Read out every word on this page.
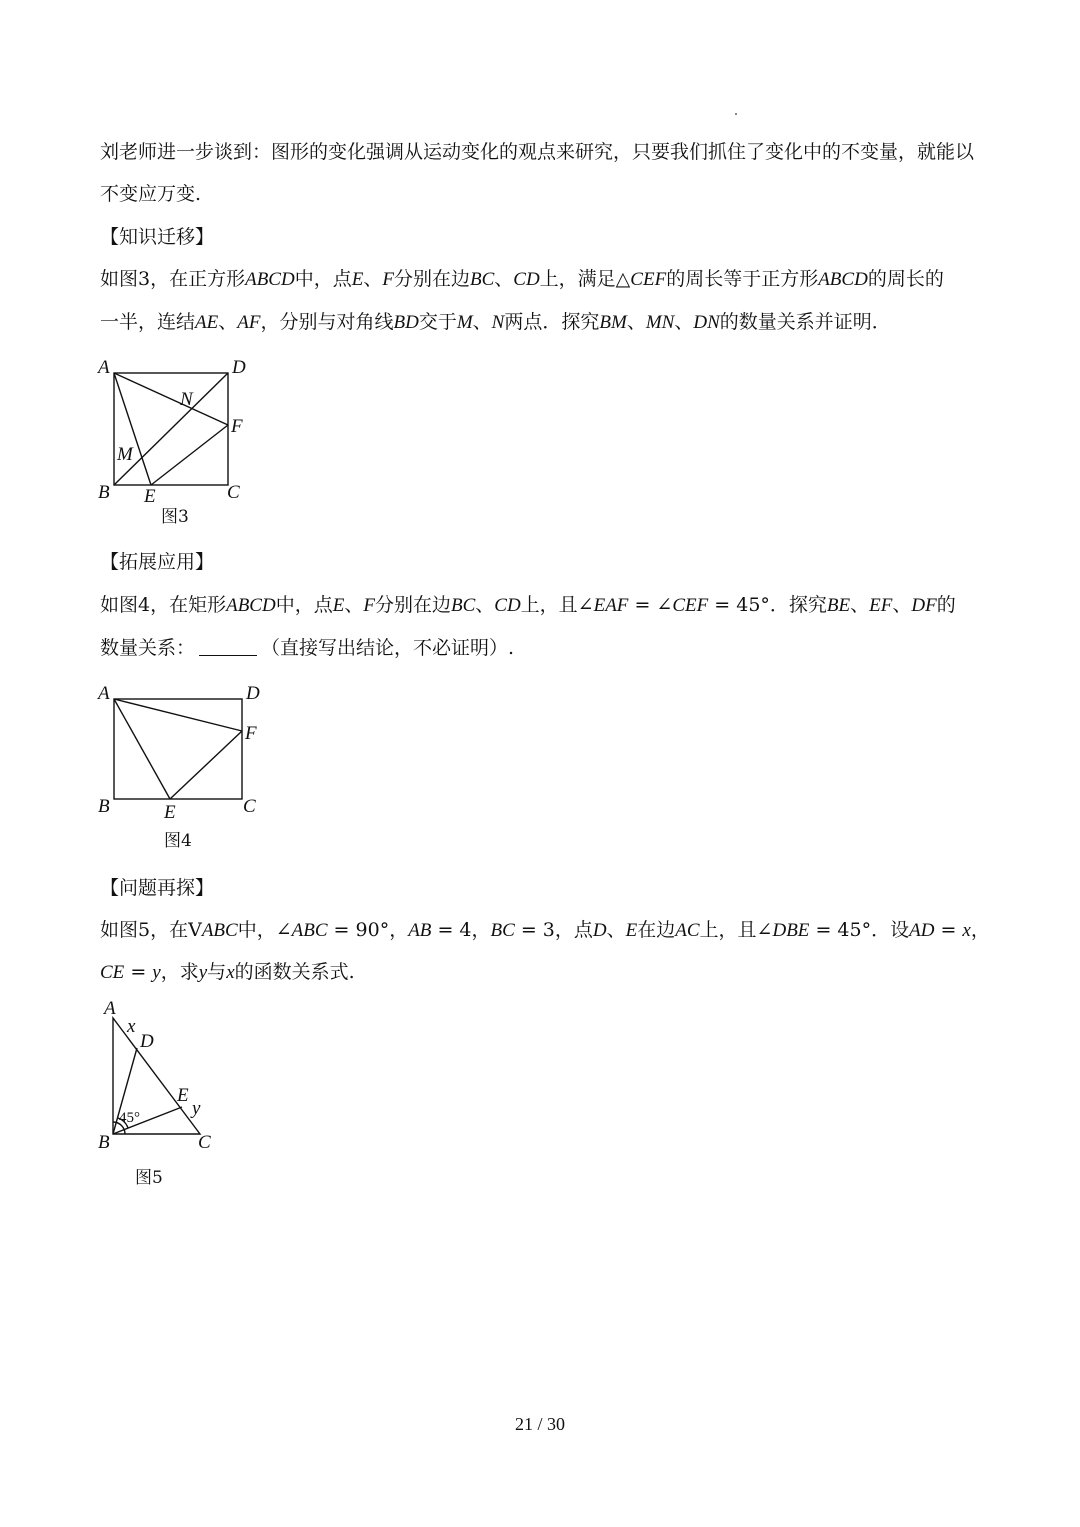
刘老师进一步谈到：图形的变化强调从运动变化的观点来研究，只要我们抓住了变化中的不变量，就能以
不变应万变.
【知识迁移】
如图3，在正方形ABCD中，点E、F分别在边BC、CD上，满足△CEF的周长等于正方形ABCD的周长的
一半，连结AE、AF，分别与对角线BD交于M、N两点．探究BM、MN、DN的数量关系并证明．
A	D
B	C
E
F
M
N
图3
【拓展应用】
如图4，在矩形ABCD中，点E、F分别在边BC、CD上，且∠EAF = ∠CEF = 45°．探究BE、EF、DF的
数量关系：	（直接写出结论，不必证明）.
A	D
B	C
E
F
图4
【问题再探】
如图5，在VABC中，∠ABC = 90°，AB = 4，BC = 3，点D、E在边AC上，且∠DBE = 45°．设AD = x，
CE = y，求y与x的函数关系式.
A
x
D
E
y
B	C
45°
图5
21 / 30
